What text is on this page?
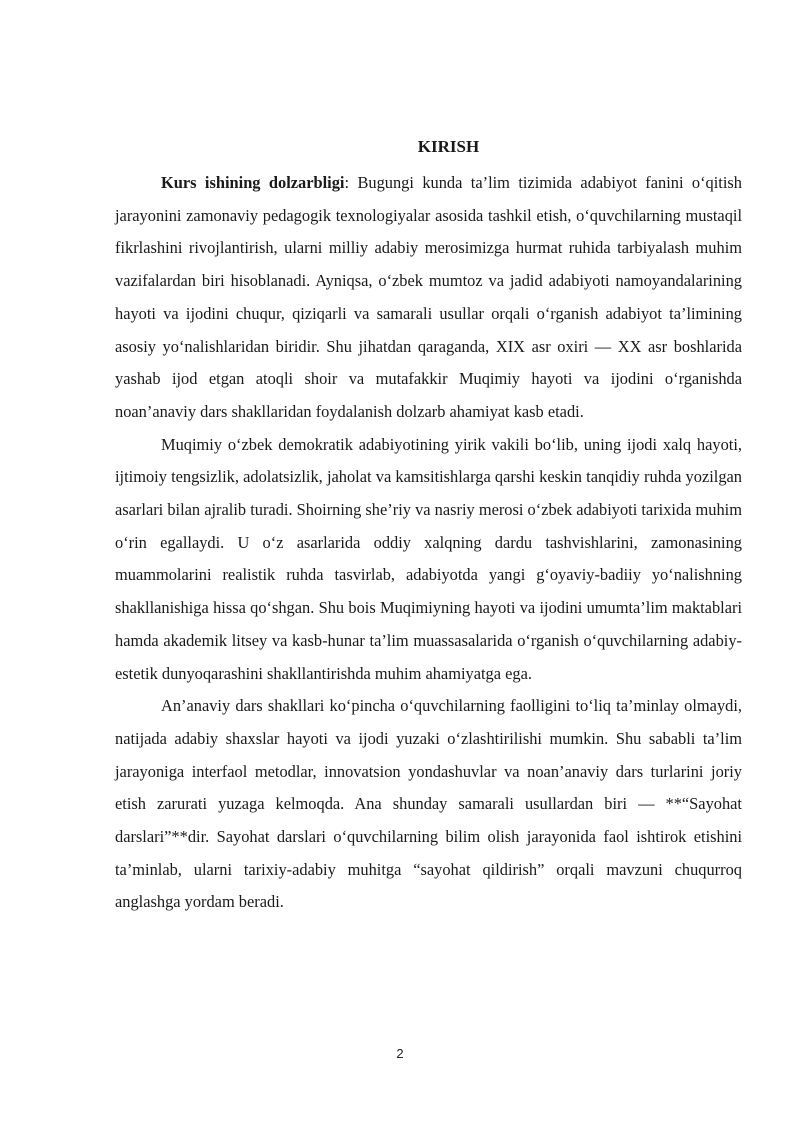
KIRISH

Kurs ishining dolzarbligi: Bugungi kunda ta’lim tizimida adabiyot fanini o‘qitish jarayonini zamonaviy pedagogik texnologiyalar asosida tashkil etish, o‘quvchilarning mustaqil fikrlashini rivojlantirish, ularni milliy adabiy merosimizga hurmat ruhida tarbiyalash muhim vazifalardan biri hisoblanadi. Ayniqsa, o‘zbek mumtoz va jadid adabiyoti namoyandalarining hayoti va ijodini chuqur, qiziqarli va samarali usullar orqali o‘rganish adabiyot ta’limining asosiy yo‘nalishlaridan biridir. Shu jihatdan qaraganda, XIX asr oxiri — XX asr boshlarida yashab ijod etgan atoqli shoir va mutafakkir Muqimiy hayoti va ijodini o‘rganishda noan’anaviy dars shakllaridan foydalanish dolzarb ahamiyat kasb etadi.

Muqimiy o‘zbek demokratik adabiyotining yirik vakili bo‘lib, uning ijodi xalq hayoti, ijtimoiy tengsizlik, adolatsizlik, jaholat va kamsitishlarga qarshi keskin tanqidiy ruhda yozilgan asarlari bilan ajralib turadi. Shoirning she’riy va nasriy merosi o‘zbek adabiyoti tarixida muhim o‘rin egallaydi. U o‘z asarlarida oddiy xalqning dardu tashvishlarini, zamonasining muammolarini realistik ruhda tasvirlab, adabiyotda yangi g‘oyaviy-badiiy yo‘nalishning shakllanishiga hissa qo‘shgan. Shu bois Muqimiyning hayoti va ijodini umumta’lim maktablari hamda akademik litsey va kasb-hunar ta’lim muassasalarida o‘rganish o‘quvchilarning adabiy-estetik dunyoqarashini shakllantirishda muhim ahamiyatga ega.

An’anaviy dars shakllari ko‘pincha o‘quvchilarning faolligini to‘liq ta’minlay olmaydi, natijada adabiy shaxslar hayoti va ijodi yuzaki o‘zlashtirilishi mumkin. Shu sababli ta’lim jarayoniga interfaol metodlar, innovatsion yondashuvlar va noan’anaviy dars turlarini joriy etish zarurati yuzaga kelmoqda. Ana shunday samarali usullardan biri — **“Sayohat darslari”**dir. Sayohat darslari o‘quvchilarning bilim olish jarayonida faol ishtirok etishini ta’minlab, ularni tarixiy-adabiy muhitga “sayohat qildirish” orqali mavzuni chuqurroq anglashga yordam beradi.

2
